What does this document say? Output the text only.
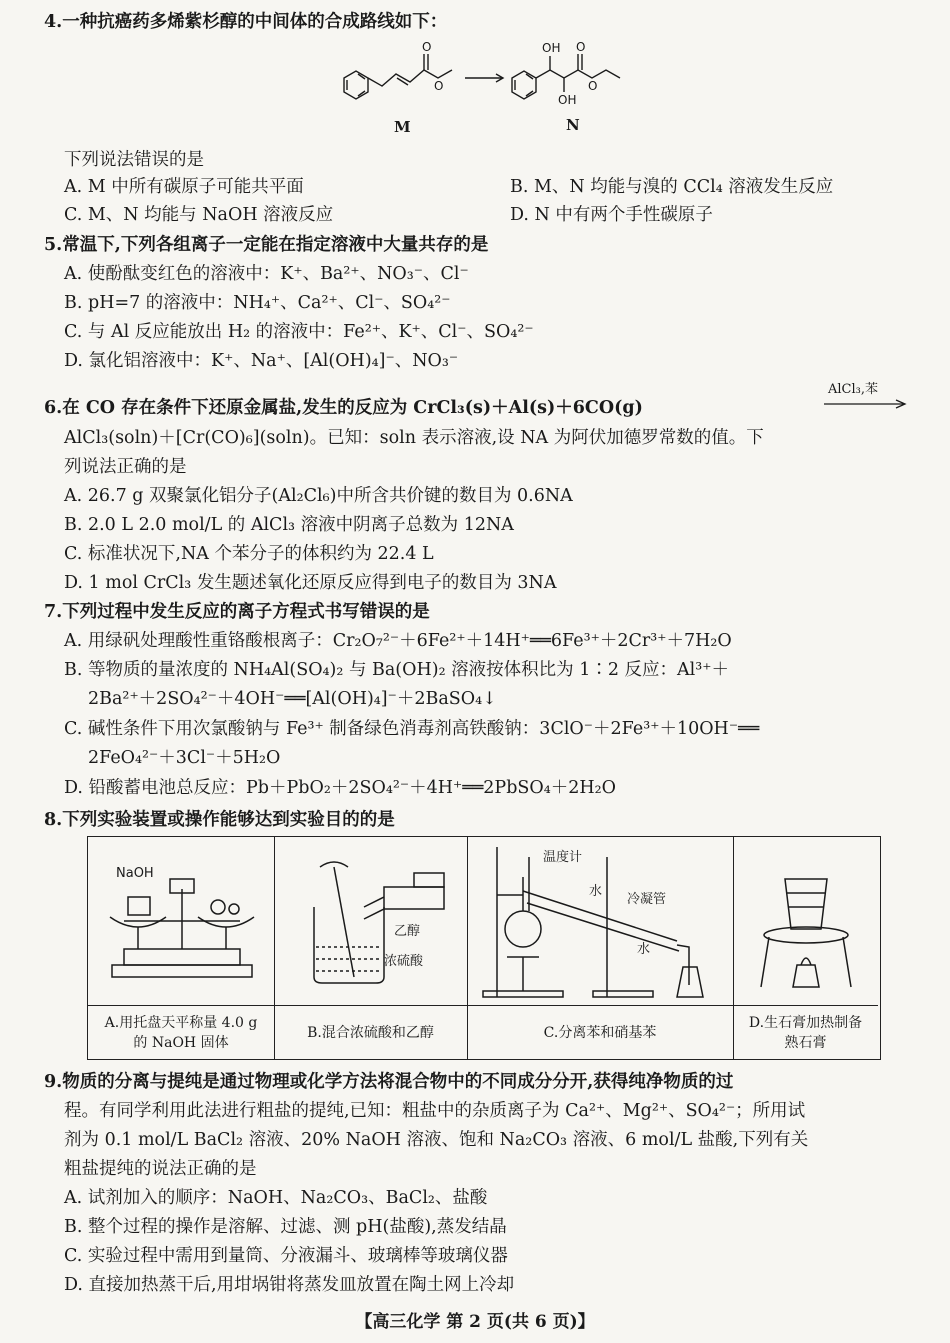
4.一种抗癌药多烯紫杉醇的中间体的合成路线如下：
OH O
OH
O
O
O
M	N
下列说法错误的是
A. M 中所有碳原子可能共平面	B. M、N 均能与溴的 CCl₄ 溶液发生反应
C. M、N 均能与 NaOH 溶液反应	D. N 中有两个手性碳原子
5.常温下,下列各组离子一定能在指定溶液中大量共存的是
A. 使酚酞变红色的溶液中：K⁺、Ba²⁺、NO₃⁻、Cl⁻
B. pH=7 的溶液中：NH₄⁺、Ca²⁺、Cl⁻、SO₄²⁻
C. 与 Al 反应能放出 H₂ 的溶液中：Fe²⁺、K⁺、Cl⁻、SO₄²⁻
D. 氯化铝溶液中：K⁺、Na⁺、[Al(OH)₄]⁻、NO₃⁻
6.在 CO 存在条件下还原金属盐,发生的反应为 CrCl₃(s)＋Al(s)＋6CO(g)
AlCl₃,苯
AlCl₃(soln)＋[Cr(CO)₆](soln)。已知：soln 表示溶液,设 NA 为阿伏加德罗常数的值。下
列说法正确的是
A. 26.7 g 双聚氯化铝分子(Al₂Cl₆)中所含共价键的数目为 0.6NA
B. 2.0 L 2.0 mol/L 的 AlCl₃ 溶液中阴离子总数为 12NA
C. 标准状况下,NA 个苯分子的体积约为 22.4 L
D. 1 mol CrCl₃ 发生题述氧化还原反应得到电子的数目为 3NA
7.下列过程中发生反应的离子方程式书写错误的是
A. 用绿矾处理酸性重铬酸根离子：Cr₂O₇²⁻＋6Fe²⁺＋14H⁺══6Fe³⁺＋2Cr³⁺＋7H₂O
B. 等物质的量浓度的 NH₄Al(SO₄)₂ 与 Ba(OH)₂ 溶液按体积比为 1∶2 反应：Al³⁺＋
2Ba²⁺＋2SO₄²⁻＋4OH⁻══[Al(OH)₄]⁻＋2BaSO₄↓
C. 碱性条件下用次氯酸钠与 Fe³⁺ 制备绿色消毒剂高铁酸钠：3ClO⁻＋2Fe³⁺＋10OH⁻══
2FeO₄²⁻＋3Cl⁻＋5H₂O
D. 铅酸蓄电池总反应：Pb＋PbO₂＋2SO₄²⁻＋4H⁺══2PbSO₄＋2H₂O
8.下列实验装置或操作能够达到实验目的的是
NaOH
A.用托盘天平称量 4.0 g 的 NaOH 固体
乙醇
浓硫酸
B.混合浓硫酸和乙醇
温度计
水
冷凝管
水
C.分离苯和硝基苯
D.生石膏加热制备熟石膏
9.物质的分离与提纯是通过物理或化学方法将混合物中的不同成分分开,获得纯净物质的过
程。有同学利用此法进行粗盐的提纯,已知：粗盐中的杂质离子为 Ca²⁺、Mg²⁺、SO₄²⁻；所用试
剂为 0.1 mol/L BaCl₂ 溶液、20% NaOH 溶液、饱和 Na₂CO₃ 溶液、6 mol/L 盐酸,下列有关
粗盐提纯的说法正确的是
A. 试剂加入的顺序：NaOH、Na₂CO₃、BaCl₂、盐酸
B. 整个过程的操作是溶解、过滤、测 pH(盐酸),蒸发结晶
C. 实验过程中需用到量筒、分液漏斗、玻璃棒等玻璃仪器
D. 直接加热蒸干后,用坩埚钳将蒸发皿放置在陶土网上冷却
【高三化学 第 2 页(共 6 页)】
